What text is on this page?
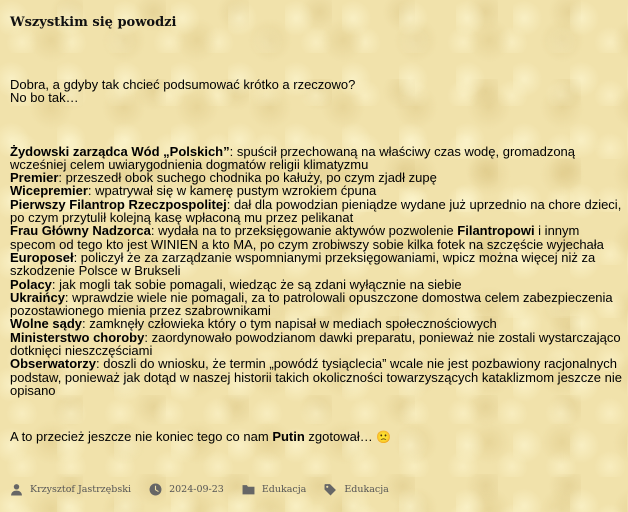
Wszystkim się powodzi

Dobra, a gdyby tak chcieć podsumować krótko a rzeczowo?

No bo tak…

Żydowski zarządca Wód „Polskich”: spuścił przechowaną na właściwy czas wodę, gromadzoną wcześniej celem uwiarygodnienia dogmatów religii klimatyzmu

Premier: przeszedł obok suchego chodnika po kałuży, po czym zjadł zupę

Wicepremier: wpatrywał się w kamerę pustym wzrokiem ćpuna

Pierwszy Filantrop Rzeczpospolitej: dał dla powodzian pieniądze wydane już uprzednio na chore dzieci, po czym przytulił kolejną kasę wpłaconą mu przez pelikanat

Frau Główny Nadzorca: wydała na to przeksięgowanie aktywów pozwolenie Filantropowi i innym specom od tego kto jest WINIEN a kto MA, po czym zrobiwszy sobie kilka fotek na szczęście wyjechała

Europoseł: policzył że za zarządzanie wspomnianymi przeksięgowaniami, wpicz można więcej niż za szkodzenie Polsce w Brukseli

Polacy: jak mogli tak sobie pomagali, wiedząc że są zdani wyłącznie na siebie

Ukraińcy: wprawdzie wiele nie pomagali, za to patrolowali opuszczone domostwa celem zabezpieczenia pozostawionego mienia przez szabrownikami

Wolne sądy: zamknęły człowieka który o tym napisał w mediach społecznościowych

Ministerstwo choroby: zaordynowało powodzianom dawki preparatu, ponieważ nie zostali wystarczająco dotknięci nieszczęściami

Obserwatorzy: doszli do wniosku, że termin „powódź tysiąclecia” wcale nie jest pozbawiony racjonalnych podstaw, ponieważ jak dotąd w naszej historii takich okoliczności towarzyszących kataklizmom jeszcze nie opisano

A to przecież jeszcze nie koniec tego co nam Putin zgotował… 🙁

Krzysztof Jastrzębski	2024-09-23	Edukacja	Edukacja
